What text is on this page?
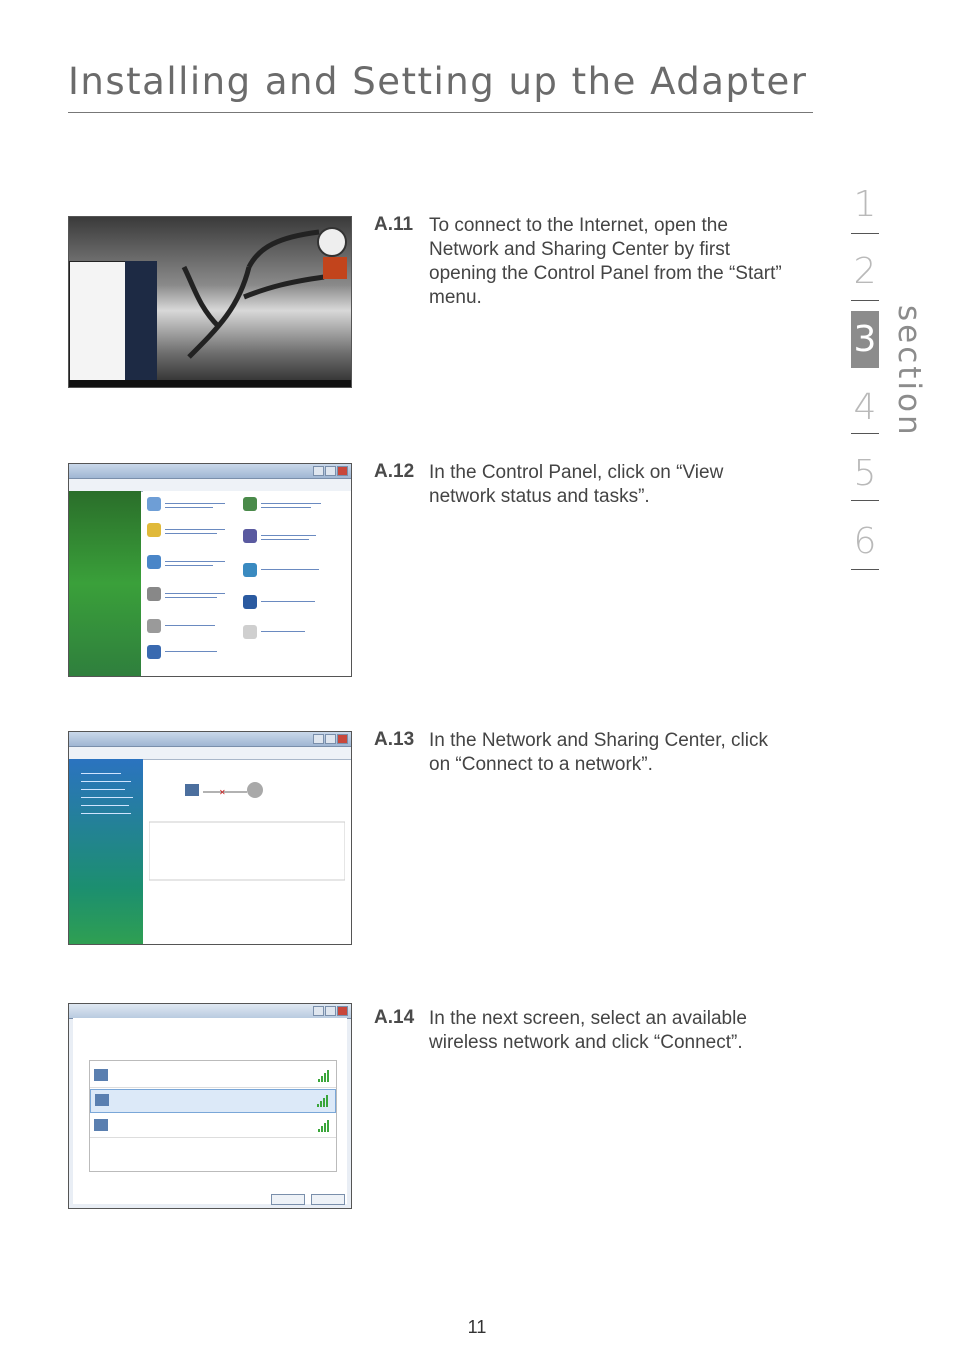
Installing and Setting up the Adapter
1
2
3
4
5
6
section
✕
A.11 To connect to the Internet, open the Network and Sharing Center by first opening the Control Panel from the “Start” menu.
A.12 In the Control Panel, click on “View network status and tasks”.
A.13 In the Network and Sharing Center, click on “Connect to a network”.
A.14 In the next screen, select an available wireless network and click “Connect”.
11
